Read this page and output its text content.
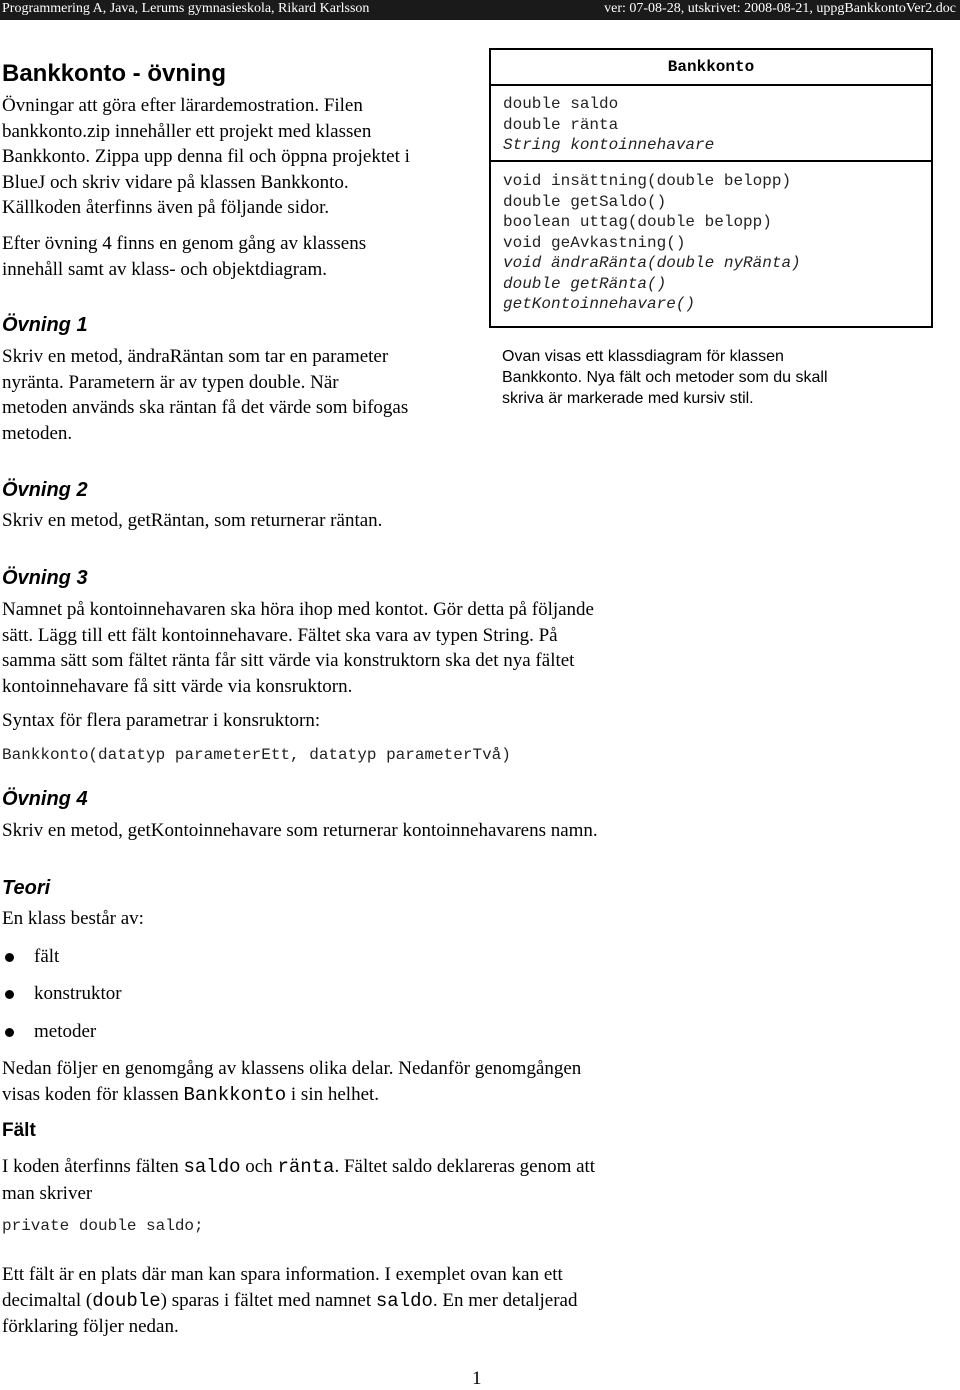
Programmering A, Java, Lerums gymnasieskola, Rikard Karlsson	ver: 07-08-28, utskrivet: 2008-08-21, uppgBankkontoVer2.doc
Bankkonto - övning
Övningar att göra efter lärardemostration. Filen
bankkonto.zip innehåller ett projekt med klassen
Bankkonto. Zippa upp denna fil och öppna projektet i
BlueJ och skriv vidare på klassen Bankkonto.
Källkoden återfinns även på följande sidor.
Efter övning 4 finns en genom gång av klassens
innehåll samt av klass- och objektdiagram.
Bankkonto
double saldo
double ränta
String kontoinnehavare
void insättning(double belopp)
double getSaldo()
boolean uttag(double belopp)
void geAvkastning()
void ändraRänta(double nyRänta)
double getRänta()
getKontoinnehavare()
Ovan visas ett klassdiagram för klassen
Bankkonto. Nya fält och metoder som du skall
skriva är markerade med kursiv stil.
Övning 1
Skriv en metod, ändraRäntan som tar en parameter
nyränta. Parametern är av typen double. När
metoden används ska räntan få det värde som bifogas
metoden.
Övning 2
Skriv en metod, getRäntan, som returnerar räntan.
Övning 3
Namnet på kontoinnehavaren ska höra ihop med kontot. Gör detta på följande
sätt. Lägg till ett fält kontoinnehavare. Fältet ska vara av typen String. På
samma sätt som fältet ränta får sitt värde via konstruktorn ska det nya fältet
kontoinnehavare få sitt värde via konsruktorn.
Syntax för flera parametrar i konsruktorn:
Bankkonto(datatyp parameterEtt, datatyp parameterTvå)
Övning 4
Skriv en metod, getKontoinnehavare som returnerar kontoinnehavarens namn.
Teori
En klass består av:
fält
konstruktor
metoder
Nedan följer en genomgång av klassens olika delar. Nedanför genomgången
visas koden för klassen Bankkonto i sin helhet.
Fält
I koden återfinns fälten saldo och ränta. Fältet saldo deklareras genom att
man skriver
private double saldo;
Ett fält är en plats där man kan spara information. I exemplet ovan kan ett
decimaltal (double) sparas i fältet med namnet saldo. En mer detaljerad
förklaring följer nedan.
1
